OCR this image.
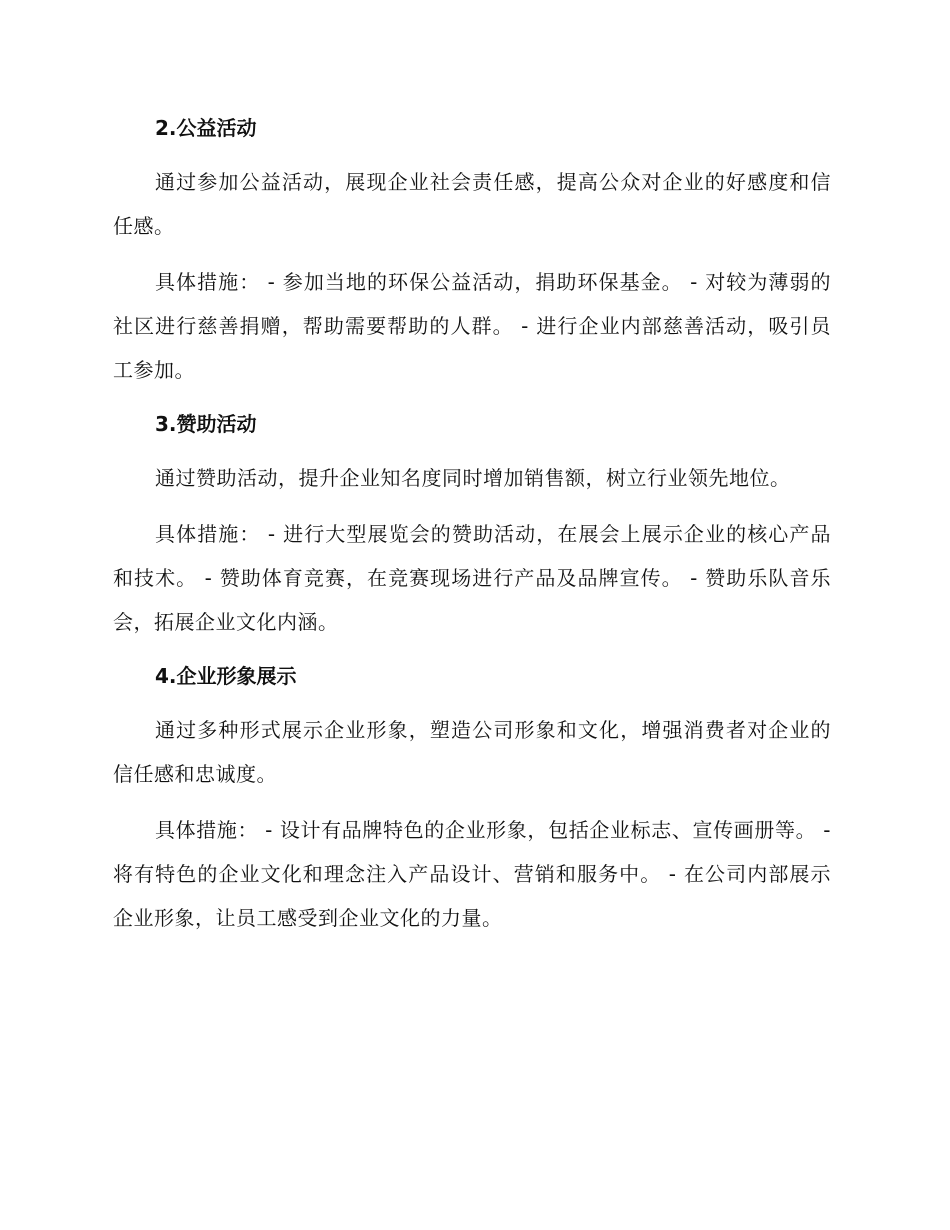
2.公益活动
通过参加公益活动，展现企业社会责任感，提高公众对企业的好感度和信任感。
具体措施： - 参加当地的环保公益活动，捐助环保基金。 - 对较为薄弱的社区进行慈善捐赠，帮助需要帮助的人群。 - 进行企业内部慈善活动，吸引员工参加。
3.赞助活动
通过赞助活动，提升企业知名度同时增加销售额，树立行业领先地位。
具体措施： - 进行大型展览会的赞助活动，在展会上展示企业的核心产品和技术。 - 赞助体育竞赛，在竞赛现场进行产品及品牌宣传。 - 赞助乐队音乐会，拓展企业文化内涵。
4.企业形象展示
通过多种形式展示企业形象，塑造公司形象和文化，增强消费者对企业的信任感和忠诚度。
具体措施： - 设计有品牌特色的企业形象，包括企业标志、宣传画册等。 - 将有特色的企业文化和理念注入产品设计、营销和服务中。 - 在公司内部展示企业形象，让员工感受到企业文化的力量。
